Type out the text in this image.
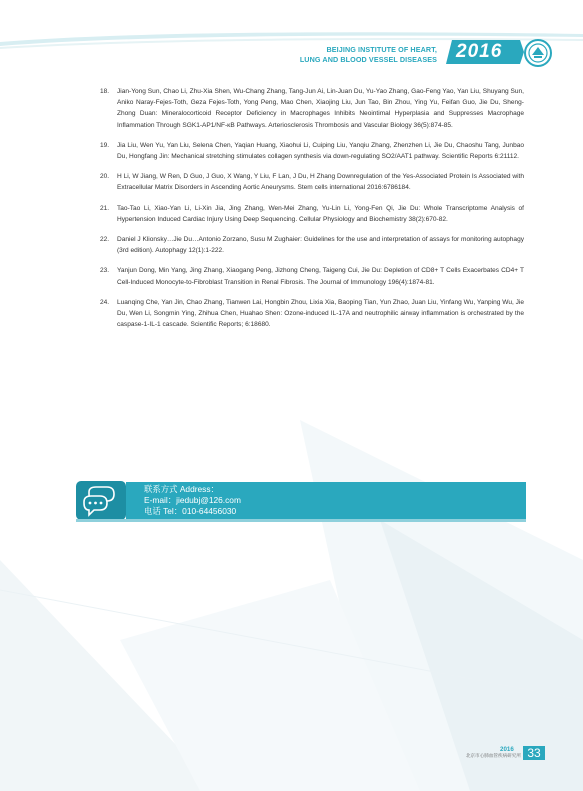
BEIJING INSTITUTE OF HEART,
LUNG AND BLOOD VESSEL DISEASES 2016
18. Jian-Yong Sun, Chao Li, Zhu-Xia Shen, Wu-Chang Zhang, Tang-Jun Ai, Lin-Juan Du, Yu-Yao Zhang, Gao-Feng Yao, Yan Liu, Shuyang Sun, Aniko Naray-Fejes-Toth, Geza Fejes-Toth, Yong Peng, Mao Chen, Xiaojing Liu, Jun Tao, Bin Zhou, Ying Yu, Feifan Guo, Jie Du, Sheng-Zhong Duan: Mineralocorticoid Receptor Deficiency in Macrophages Inhibits Neointimal Hyperplasia and Suppresses Macrophage Inflammation Through SGK1-AP1/NF-κB Pathways. Arteriosclerosis Thrombosis and Vascular Biology 36(5):874-85.
19. Jia Liu, Wen Yu, Yan Liu, Selena Chen, Yaqian Huang, Xiaohui Li, Cuiping Liu, Yanqiu Zhang, Zhenzhen Li, Jie Du, Chaoshu Tang, Junbao Du, Hongfang Jin: Mechanical stretching stimulates collagen synthesis via down-regulating SO2/AAT1 pathway. Scientific Reports 6:21112.
20. H Li, W Jiang, W Ren, D Guo, J Guo, X Wang, Y Liu, F Lan, J Du, H Zhang Downregulation of the Yes-Associated Protein Is Associated with Extracellular Matrix Disorders in Ascending Aortic Aneurysms. Stem cells international 2016:6786184.
21. Tao-Tao Li, Xiao-Yan Li, Li-Xin Jia, Jing Zhang, Wen-Mei Zhang, Yu-Lin Li, Yong-Fen Qi, Jie Du: Whole Transcriptome Analysis of Hypertension Induced Cardiac Injury Using Deep Sequencing. Cellular Physiology and Biochemistry 38(2):670-82.
22. Daniel J Klionsky…Jie Du…Antonio Zorzano, Susu M Zughaier: Guidelines for the use and interpretation of assays for monitoring autophagy (3rd edition). Autophagy 12(1):1-222.
23. Yanjun Dong, Min Yang, Jing Zhang, Xiaogang Peng, Jizhong Cheng, Taigeng Cui, Jie Du: Depletion of CD8+ T Cells Exacerbates CD4+ T Cell-Induced Monocyte-to-Fibroblast Transition in Renal Fibrosis. The Journal of Immunology 196(4):1874-81.
24. Luanqing Che, Yan Jin, Chao Zhang, Tianwen Lai, Hongbin Zhou, Lixia Xia, Baoping Tian, Yun Zhao, Juan Liu, Yinfang Wu, Yanping Wu, Jie Du, Wen Li, Songmin Ying, Zhihua Chen, Huahao Shen: Ozone-induced IL-17A and neutrophilic airway inflammation is orchestrated by the caspase-1-IL-1 cascade. Scientific Reports; 6:18680.
联系方式 Address：
E-mail：jiedubj@126.com
电话 Tel：010-64456030
2016
北京市心肺血管疾病研究所 33
